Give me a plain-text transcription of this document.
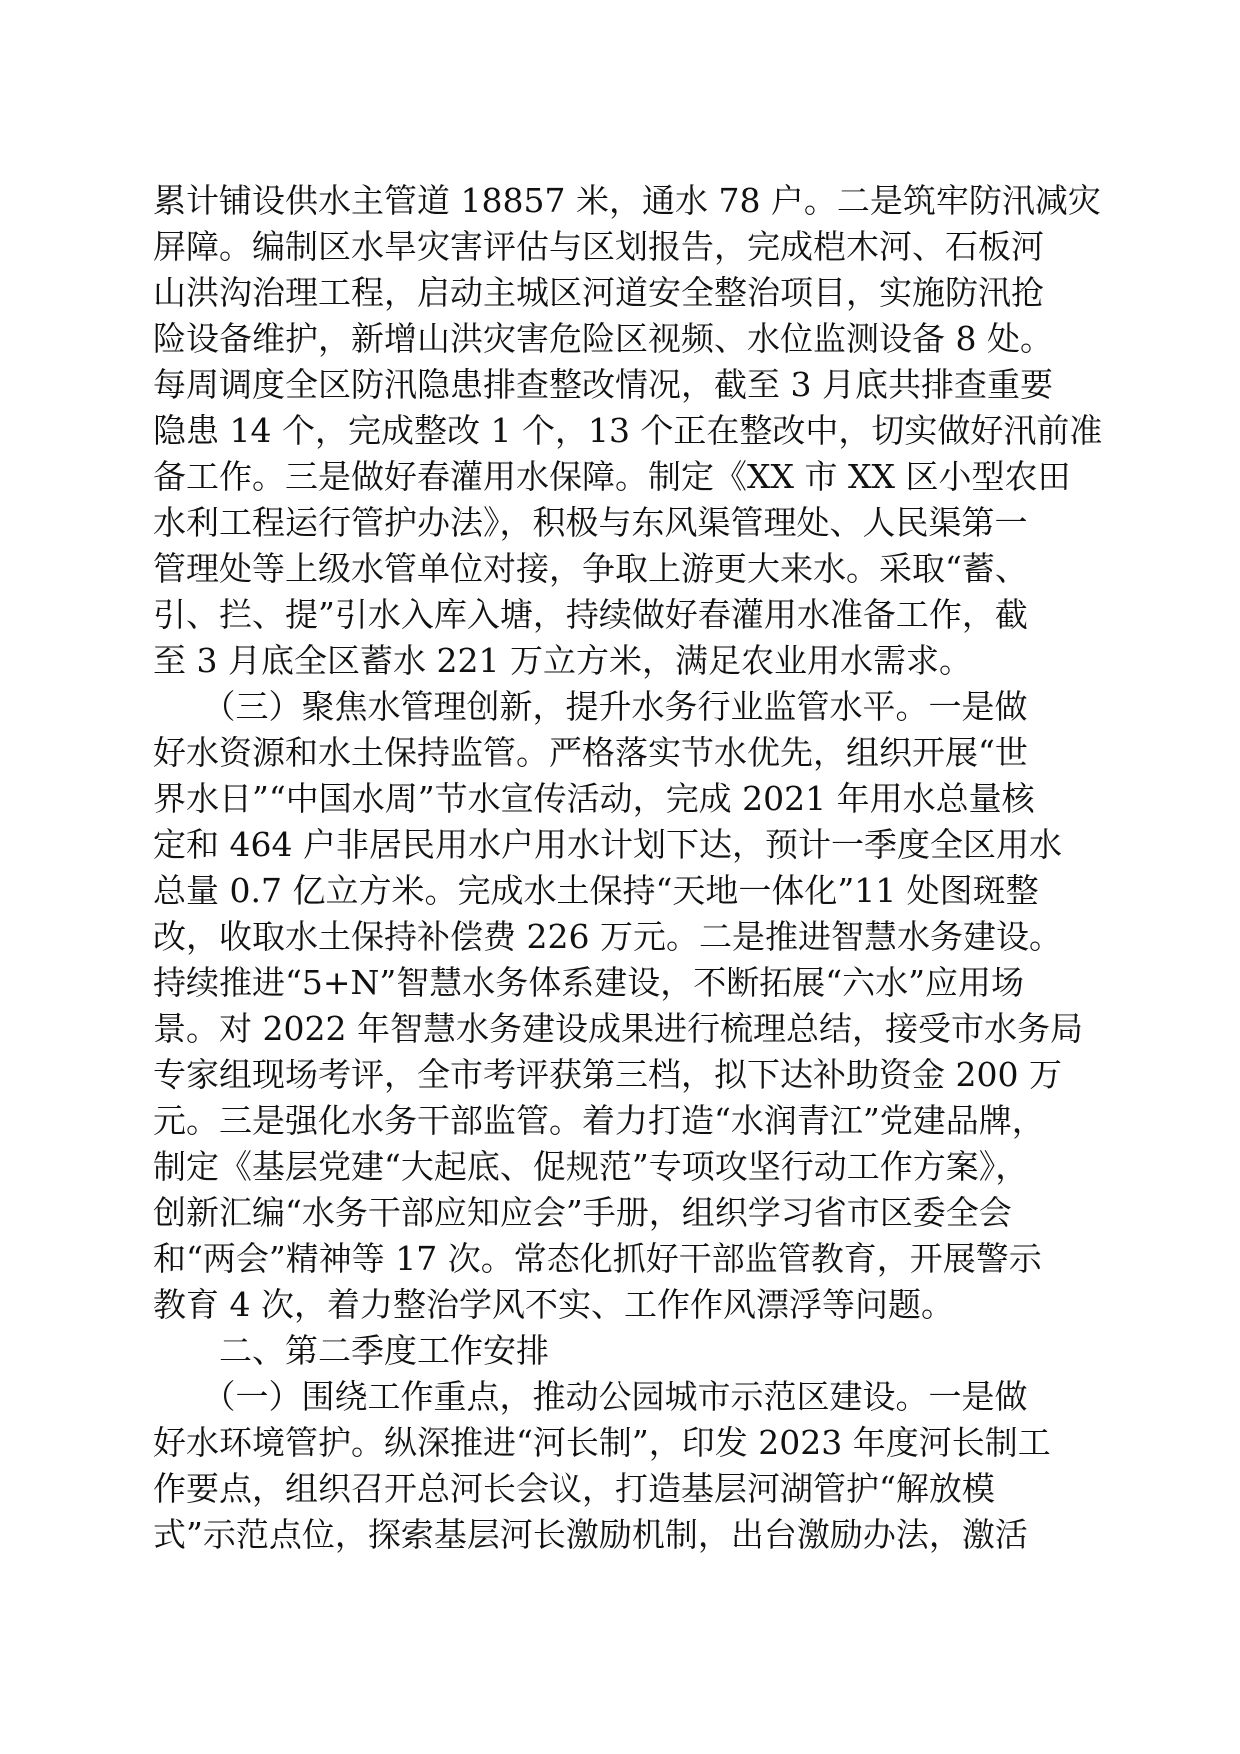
累计铺设供水主管道 18857 米，通水 78 户。二是筑牢防汛减灾
屏障。编制区水旱灾害评估与区划报告，完成桤木河、石板河
山洪沟治理工程，启动主城区河道安全整治项目，实施防汛抢
险设备维护，新增山洪灾害危险区视频、水位监测设备 8 处。
每周调度全区防汛隐患排查整改情况，截至 3 月底共排查重要
隐患 14 个，完成整改 1 个，13 个正在整改中，切实做好汛前准
备工作。三是做好春灌用水保障。制定《XX 市 XX 区小型农田
水利工程运行管护办法》，积极与东风渠管理处、人民渠第一
管理处等上级水管单位对接，争取上游更大来水。采取“蓄、
引、拦、提”引水入库入塘，持续做好春灌用水准备工作，截
至 3 月底全区蓄水 221 万立方米，满足农业用水需求。
　　（三）聚焦水管理创新，提升水务行业监管水平。一是做
好水资源和水土保持监管。严格落实节水优先，组织开展“世
界水日”“中国水周”节水宣传活动，完成 2021 年用水总量核
定和 464 户非居民用水户用水计划下达，预计一季度全区用水
总量 0.7 亿立方米。完成水土保持“天地一体化”11 处图斑整
改，收取水土保持补偿费 226 万元。二是推进智慧水务建设。
持续推进“5+N”智慧水务体系建设，不断拓展“六水”应用场
景。对 2022 年智慧水务建设成果进行梳理总结，接受市水务局
专家组现场考评，全市考评获第三档，拟下达补助资金 200 万
元。三是强化水务干部监管。着力打造“水润青江”党建品牌，
制定《基层党建“大起底、促规范”专项攻坚行动工作方案》，
创新汇编“水务干部应知应会”手册，组织学习省市区委全会
和“两会”精神等 17 次。常态化抓好干部监管教育，开展警示
教育 4 次，着力整治学风不实、工作作风漂浮等问题。
　　二、第二季度工作安排
　　（一）围绕工作重点，推动公园城市示范区建设。一是做
好水环境管护。纵深推进“河长制”，印发 2023 年度河长制工
作要点，组织召开总河长会议，打造基层河湖管护“解放模
式”示范点位，探索基层河长激励机制，出台激励办法，激活
